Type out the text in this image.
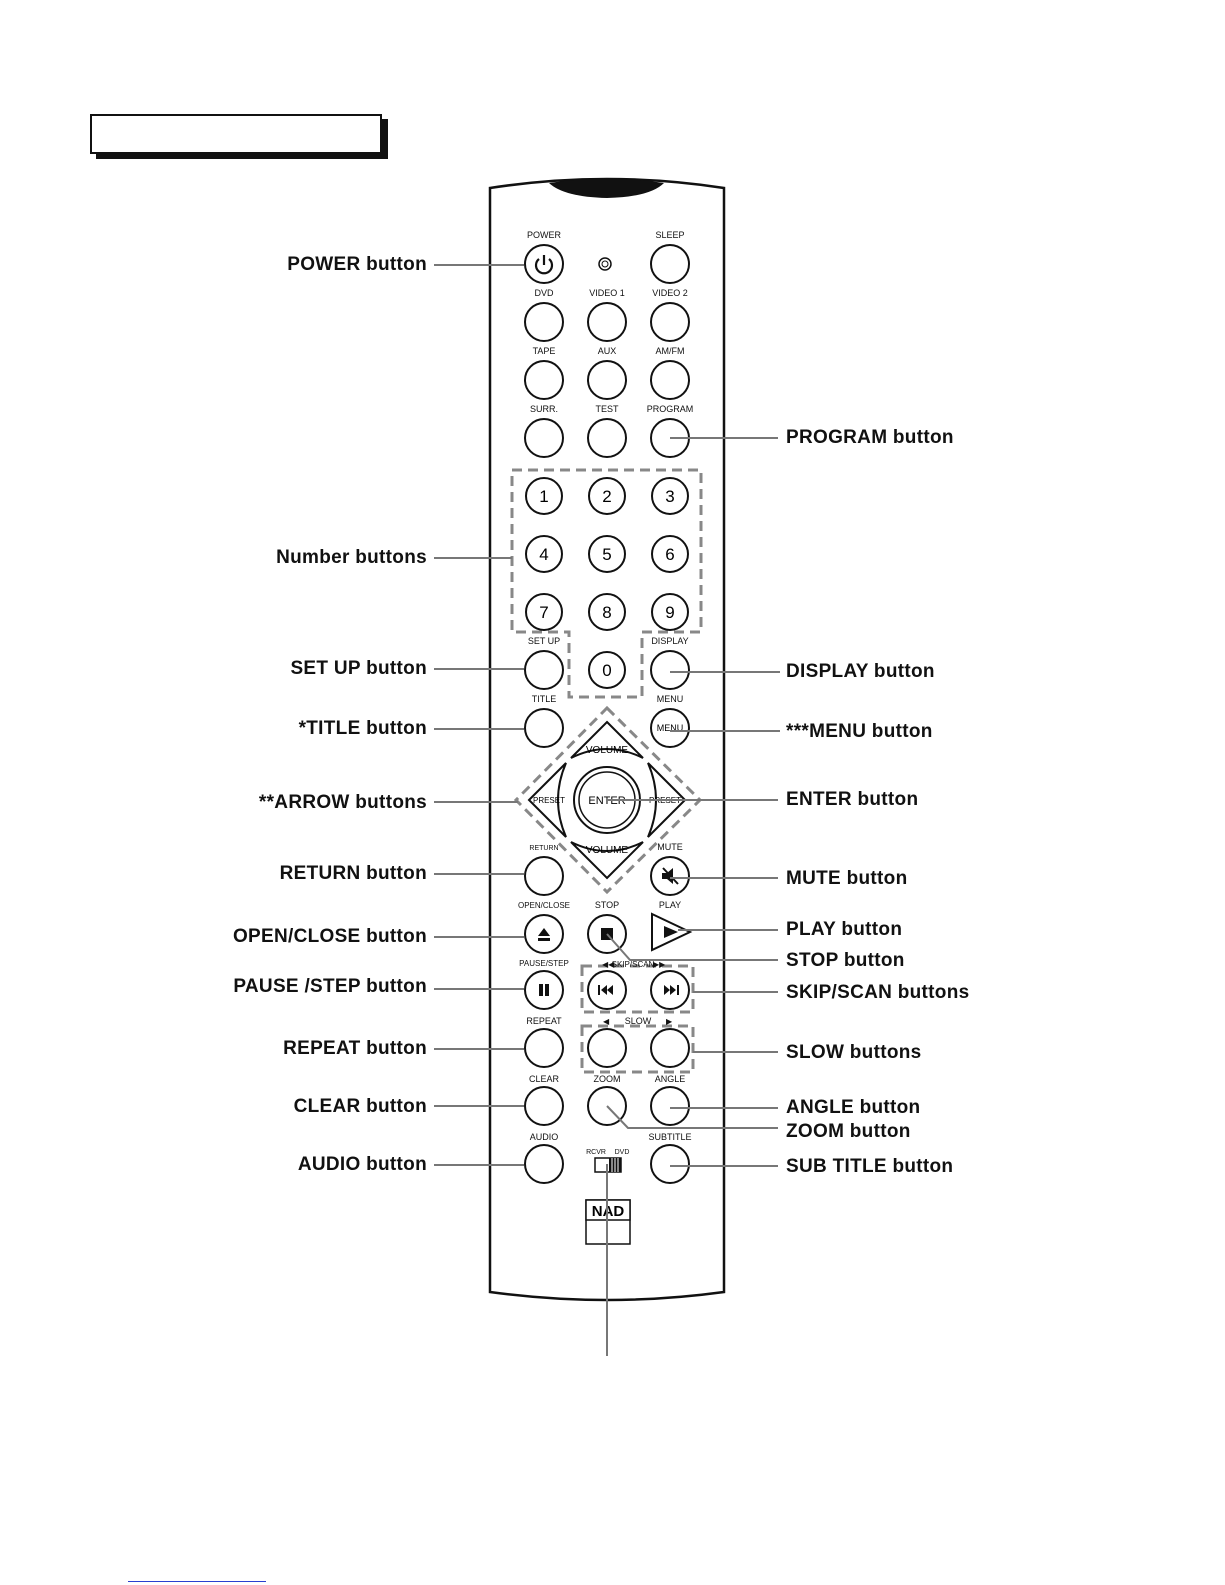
POWER	SLEEP
DVD	VIDEO 1	VIDEO 2
TAPE	AUX	AM/FM
SURR.	TEST	PROGRAM
SET UP	DISPLAY
TITLE	MENU
RETURN	MUTE
OPEN/CLOSE	STOP	PLAY
PAUSE/STEP	SKIP/SCAN
REPEAT	SLOW
CLEAR	ZOOM	ANGLE
AUDIO	SUBTITLE
RCVR DVD
◀◀	▶▶
◀	▶
1	2	3
4	5	6
7	8	9
0
MENU
VOLUME
VOLUME
PRESET	PRESET
ENTER
NAD
POWER button
Number buttons
SET UP button
*TITLE button
**ARROW buttons
RETURN button
OPEN/CLOSE button
PAUSE /STEP button
REPEAT button
CLEAR button
AUDIO button
PROGRAM button
DISPLAY button
***MENU button
ENTER button
MUTE button
PLAY button
STOP button
SKIP/SCAN buttons
SLOW buttons
ANGLE button
ZOOM button
SUB TITLE button
